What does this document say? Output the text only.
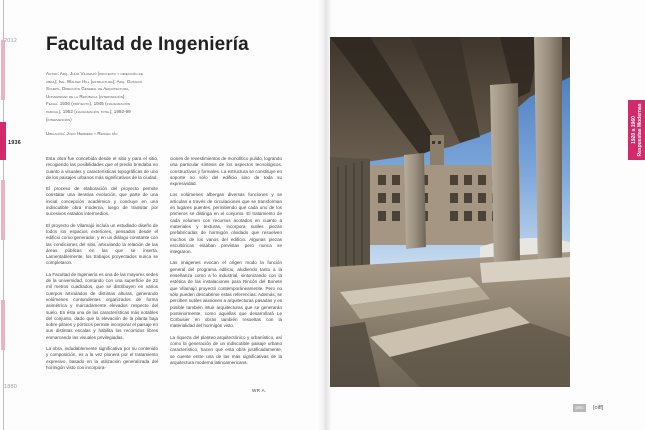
2012
1936
1880
Facultad de Ingeniería

Autor: Arq. Julio Vilamajó (proyecto y dirección de

obra); Ing. Walter Hill (estructura); Arq. Gustavo

Scheps, Dirección General de Arquitectura,

Universidad de la República (intervención)

Fecha: 1936 (proyecto), 1945 (inauguración

parcial), 1952 (inauguración total); 1992-99

(intervención)

Ubicación: Julio Herrera y Reissig s/n

Esta obra fue concebida desde el sitio y para el sitio, recogiendo las posibilidades que el predio brindaba en cuanto a visuales y características topográficas de uno de los paisajes urbanos más significativos de la ciudad.

El proceso de elaboración del proyecto permite constatar una iterativa evolución, que parte de una inicial concepción académica y concluye en una indiscutible obra moderna, luego de transitar por sucesivos estados intermedios.

El proyecto de Vilamajó incluía un estudiado diseño de todos los espacios exteriores, pensados desde el edificio como generador, y en un diálogo constante con las condiciones del sitio, articulando la relación de las áreas públicas en las que se inserta. Lamentablemente, los trabajos proyectados nunca se completaron.

La Facultad de Ingeniería es una de las mayores sedes de la universidad, contando con una superficie de 22 mil metros cuadrados, que se distribuyen en varios cuerpos articulados de distintas alturas, generando volúmenes contundentes organizados de forma asimétrica y marcadamente elevados respecto del suelo. En ésta una de las características más notables del conjunto, dado que la elevación de la planta baja sobre pilares y pórticos permite incorporar el paisaje en sus distintas escalas y habilita los recorridos libres enmarcando las visuales privilegiadas.

La obra, indudablemente significativa por su contenido y composición, es a la vez pionera por el tratamiento expresivo, basado en la utilización generalizada del hormigón visto con incorpora-

ciones de revestimientos de monolítico pulido, logrando una particular síntesis de los aspectos tecnológicos, constructivos y formales. La estructura se constituye en soporte no sólo del edificio sino de toda su expresividad.

Los volúmenes albergan diversas funciones y se articulan a través de circulaciones que se transforman en lugares puentes, permitiendo que cada uno de los primeros se distinga en el conjunto. El tratamiento de cada volumen con recursos acotados en cuanto a materiales y texturas, incorpora sutiles piezas prefabricadas de hormigón olvidado que resuelven muchos de los vanos del edificio. Algunas piezas escultóricas estaban previstas pero nunca se integraron.

Las imágenes evocan el origen modo la función general del programa edilicio, aludiendo tanto a la enseñanza como a lo industrial, sintonizando con la estética de las instalaciones para Rincón del Bonete que Vilamajó proyectó contemporáneamente. Pero no sólo pueden descubrirse estas referencias. Además, se perciben sutiles alusiones a arquitecturas pasadas y es posible también intuir arquitecturas que se generarán posteriormente, como aquellas que desarrollará Le Corbusier en obras también resueltas con la materialidad del hormigón visto.

La riqueza del planteo arquitectónico y urbanístico, así como la generación de un indiscutible paisaje urbano característico, hacen que esta obra justificadamente, se cuente entre una de las más significativas de la arquitectura moderna latinoamericana.

WR A.
1920 a 1960
Respuestas Modernas
pmc	[oiff]
